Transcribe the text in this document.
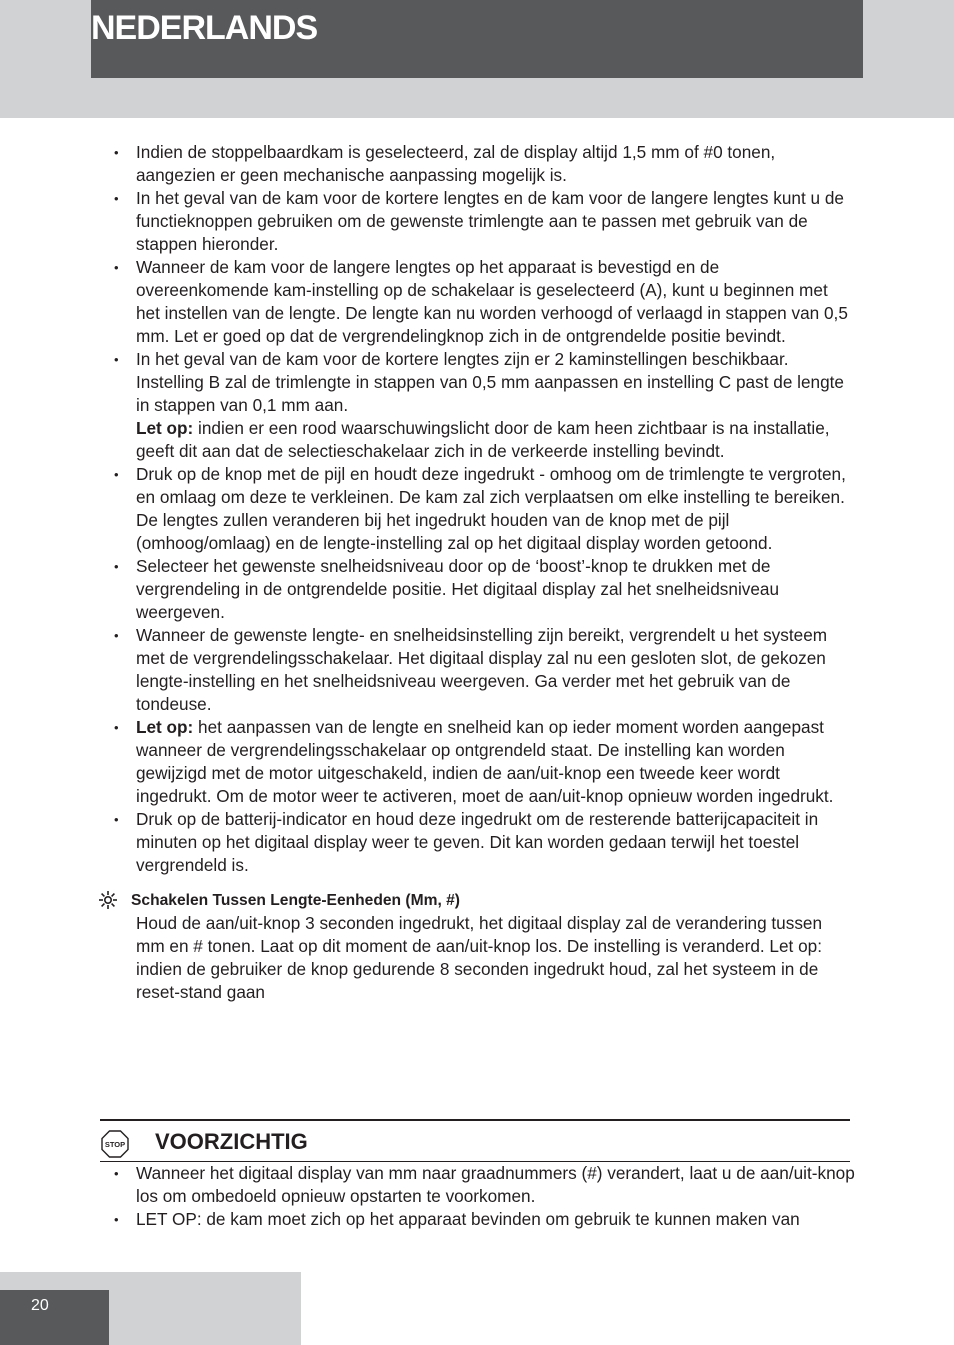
NEDERLANDS
• Indien de stoppelbaardkam is geselecteerd, zal de display altijd 1,5 mm of #0 tonen, aangezien er geen mechanische aanpassing mogelijk is.
• In het geval van de kam voor de kortere lengtes en de kam voor de langere lengtes kunt u de functieknoppen gebruiken om de gewenste trimlengte aan te passen met gebruik van de stappen hieronder.
• Wanneer de kam voor de langere lengtes op het apparaat is bevestigd en de overeenkomende kam-instelling op de schakelaar is geselecteerd (A), kunt u beginnen met het instellen van de lengte. De lengte kan nu worden verhoogd of verlaagd in stappen van 0,5 mm. Let er goed op dat de vergrendelingknop zich in de ontgrendelde positie bevindt.
• In het geval van de kam voor de kortere lengtes zijn er 2 kaminstellingen beschikbaar. Instelling B zal de trimlengte in stappen van 0,5 mm aanpassen en instelling C past de lengte in stappen van 0,1 mm aan.
Let op: indien er een rood waarschuwingslicht door de kam heen zichtbaar is na installatie, geeft dit aan dat de selectieschakelaar zich in de verkeerde instelling bevindt.
• Druk op de knop met de pijl en houdt deze ingedrukt - omhoog om de trimlengte te vergroten, en omlaag om deze te verkleinen. De kam zal zich verplaatsen om elke instelling te bereiken. De lengtes zullen veranderen bij het ingedrukt houden van de knop met de pijl (omhoog/omlaag) en de lengte-instelling zal op het digitaal display worden getoond.
• Selecteer het gewenste snelheidsniveau door op de ‘boost’-knop te drukken met de vergrendeling in de ontgrendelde positie. Het digitaal display zal het snelheidsniveau weergeven.
• Wanneer de gewenste lengte- en snelheidsinstelling zijn bereikt, vergrendelt u het systeem met de vergrendelingsschakelaar. Het digitaal display zal nu een gesloten slot, de gekozen lengte-instelling en het snelheidsniveau weergeven. Ga verder met het gebruik van de tondeuse.
• Let op: het aanpassen van de lengte en snelheid kan op ieder moment worden aangepast wanneer de vergrendelingsschakelaar op ontgrendeld staat. De instelling kan worden gewijzigd met de motor uitgeschakeld, indien de aan/uit-knop een tweede keer wordt ingedrukt. Om de motor weer te activeren, moet de aan/uit-knop opnieuw worden ingedrukt.
• Druk op de batterij-indicator en houd deze ingedrukt om de resterende batterijcapaciteit in minuten op het digitaal display weer te geven. Dit kan worden gedaan terwijl het toestel vergrendeld is.
Schakelen Tussen Lengte-Eenheden (Mm, #)
Houd de aan/uit-knop 3 seconden ingedrukt, het digitaal display zal de verandering tussen mm en # tonen. Laat op dit moment de aan/uit-knop los. De instelling is veranderd. Let op: indien de gebruiker de knop gedurende 8 seconden ingedrukt houd, zal het systeem in de reset-stand gaan
STOP VOORZICHTIG
• Wanneer het digitaal display van mm naar graadnummers (#) verandert, laat u de aan/uit-knop los om ombedoeld opnieuw opstarten te voorkomen.
• LET OP: de kam moet zich op het apparaat bevinden om gebruik te kunnen maken van
20
